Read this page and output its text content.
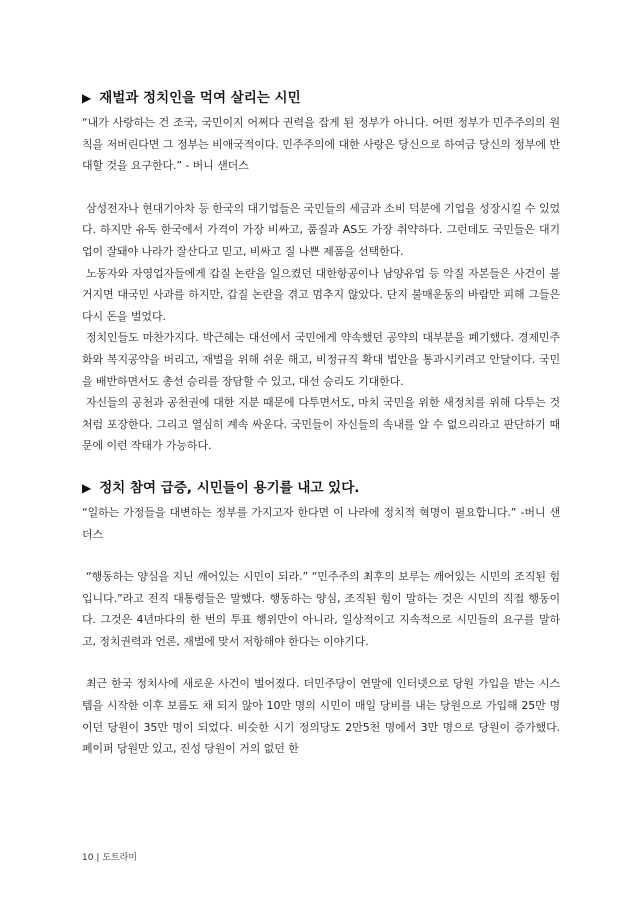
▶ 재벌과 정치인을 먹여 살리는 시민

“내가 사랑하는 건 조국, 국민이지 어쩌다 권력을 잡게 된 정부가 아니다. 어떤 정부가 민주주의의 원칙을 저버린다면 그 정부는 비애국적이다. 민주주의에 대한 사랑은 당신으로 하여금 당신의 정부에 반대할 것을 요구한다.” - 버니 샌더스

삼성전자나 현대기아차 등 한국의 대기업들은 국민들의 세금과 소비 덕분에 기업을 성장시킬 수 있었다. 하지만 유독 한국에서 가격이 가장 비싸고, 품질과 AS도 가장 취약하다. 그런데도 국민들은 대기업이 잘돼야 나라가 잘산다고 믿고, 비싸고 질 나쁜 제품을 선택한다.

노동자와 자영업자들에게 갑질 논란을 일으켰던 대한항공이나 남양유업 등 악질 자본들은 사건이 불거지면 대국민 사과를 하지만, 갑질 논란을 겪고 멈추지 않았다. 단지 불매운동의 바람만 피해 그들은 다시 돈을 벌었다.

정치인들도 마찬가지다. 박근혜는 대선에서 국민에게 약속했던 공약의 대부분을 폐기했다. 경제민주화와 복지공약을 버리고, 재벌을 위해 쉬운 해고, 비정규직 확대 법안을 통과시키려고 안달이다. 국민을 배반하면서도 총선 승리를 장담할 수 있고, 대선 승리도 기대한다.

자신들의 공천과 공천권에 대한 지분 때문에 다투면서도, 마치 국민을 위한 새정치를 위해 다투는 것처럼 포장한다. 그리고 열심히 계속 싸운다. 국민들이 자신들의 속내를 알 수 없으리라고 판단하기 때문에 이런 작태가 가능하다.

▶ 정치 참여 급증, 시민들이 용기를 내고 있다.

“일하는 가정들을 대변하는 정부를 가지고자 한다면 이 나라에 정치적 혁명이 필요합니다.” -버니 샌더스

“행동하는 양심을 지닌 깨어있는 시민이 되라.” “민주주의 최후의 보루는 깨어있는 시민의 조직된 힘입니다.”라고 전직 대통령들은 말했다. 행동하는 양심, 조직된 힘이 말하는 것은 시민의 직접 행동이다. 그것은 4년마다의 한 번의 투표 행위만이 아니라, 일상적이고 지속적으로 시민들의 요구를 말하고, 정치권력과 언론, 재벌에 맞서 저항해야 한다는 이야기다.

최근 한국 정치사에 새로운 사건이 벌어졌다. 더민주당이 연말에 인터넷으로 당원 가입을 받는 시스템을 시작한 이후 보름도 채 되지 않아 10만 명의 시민이 매일 당비를 내는 당원으로 가입해 25만 명이던 당원이 35만 명이 되었다. 비슷한 시기 정의당도 2만5천 명에서 3만 명으로 당원이 증가했다. 페이퍼 당원만 있고, 진성 당원이 거의 없던 한

10 | 도트라미
